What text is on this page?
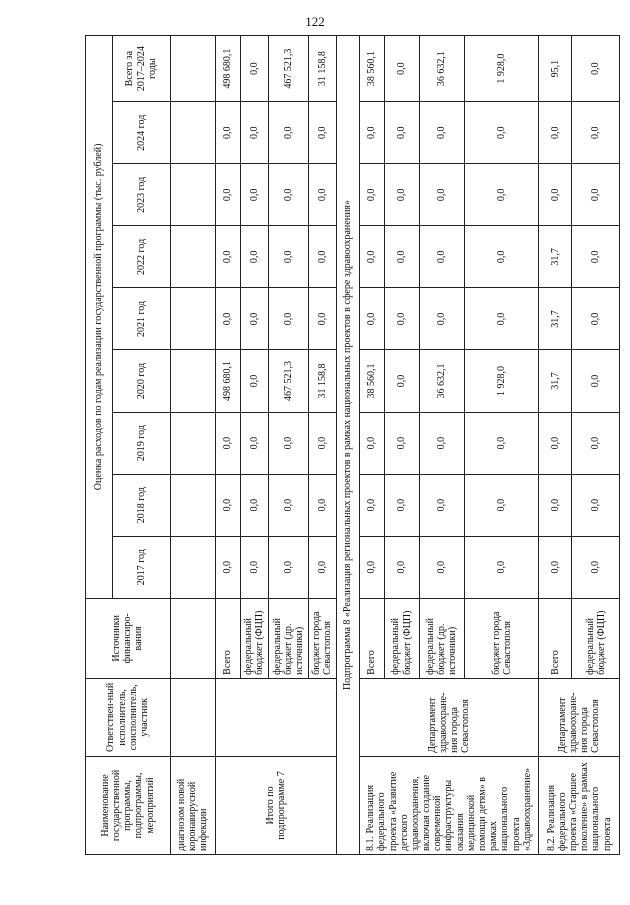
122
Наименование государственной программы, подпрограммы, мероприятий	Ответствен-ный исполнитель, соисполнитель, участник	Источники финансиро-вания	Оценка расходов по годам реализации государственной программы (тыс. рублей)								
			2017 год	2018 год	2019 год	2020 год	2021 год	2022 год	2023 год	2024 год	Всего за 2017–2024 годы
диагнозом новой коронавирусной инфекции											
Итого по подпрограмме 7		Всего	0,0	0,0	0,0	498 680,1	0,0	0,0	0,0	0,0	498 680,1
		федеральный бюджет (ФЦП)	0,0	0,0	0,0	0,0	0,0	0,0	0,0	0,0	0,0
		федеральный бюджет (др. источники)	0,0	0,0	0,0	467 521,3	0,0	0,0	0,0	0,0	467 521,3
		бюджет города Севастополя	0,0	0,0	0,0	31 158,8	0,0	0,0	0,0	0,0	31 158,8
Подпрограмма 8 «Реализация региональных проектов в рамках национальных проектов в сфере здравоохранения»											
8.1. Реализация федерального проекта «Развитие детского здравоохранения, включая создание современной инфраструктуры оказания медицинской помощи детям» в рамках национального проекта «Здравоохранение»	Департамент здравоохране-ния города Севастополя	Всего	0,0	0,0	0,0	38 560,1	0,0	0,0	0,0	0,0	38 560,1
		федеральный бюджет (ФЦП)	0,0	0,0	0,0	0,0	0,0	0,0	0,0	0,0	0,0
		федеральный бюджет (др. источники)	0,0	0,0	0,0	36 632,1	0,0	0,0	0,0	0,0	36 632,1
		бюджет города Севастополя	0,0	0,0	0,0	1 928,0	0,0	0,0	0,0	0,0	1 928,0
8.2. Реализация федерального проекта «Старшее поколение» в рамках национального проекта	Департамент здравоохране-ния города Севастополя	Всего	0,0	0,0	0,0	31,7	31,7	31,7	0,0	0,0	95,1
		федеральный бюджет (ФЦП)	0,0	0,0	0,0	0,0	0,0	0,0	0,0	0,0	0,0
